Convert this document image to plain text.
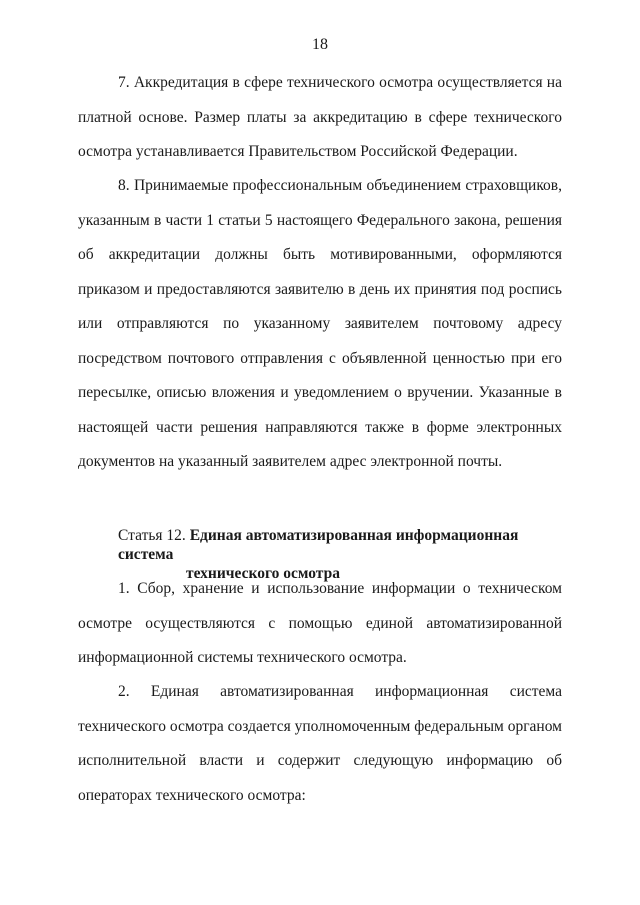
18

7. Аккредитация в сфере технического осмотра осуществляется на платной основе. Размер платы за аккредитацию в сфере технического осмотра устанавливается Правительством Российской Федерации.

8. Принимаемые профессиональным объединением страховщиков, указанным в части 1 статьи 5 настоящего Федерального закона, решения об аккредитации должны быть мотивированными, оформляются приказом и предоставляются заявителю в день их принятия под роспись или отправляются по указанному заявителем почтовому адресу посредством почтового отправления с объявленной ценностью при его пересылке, описью вложения и уведомлением о вручении. Указанные в настоящей части решения направляются также в форме электронных документов на указанный заявителем адрес электронной почты.

Статья 12. Единая автоматизированная информационная система
технического осмотра

1. Сбор, хранение и использование информации о техническом осмотре осуществляются с помощью единой автоматизированной информационной системы технического осмотра.

2. Единая автоматизированная информационная система технического осмотра создается уполномоченным федеральным органом исполнительной власти и содержит следующую информацию об операторах технического осмотра:
